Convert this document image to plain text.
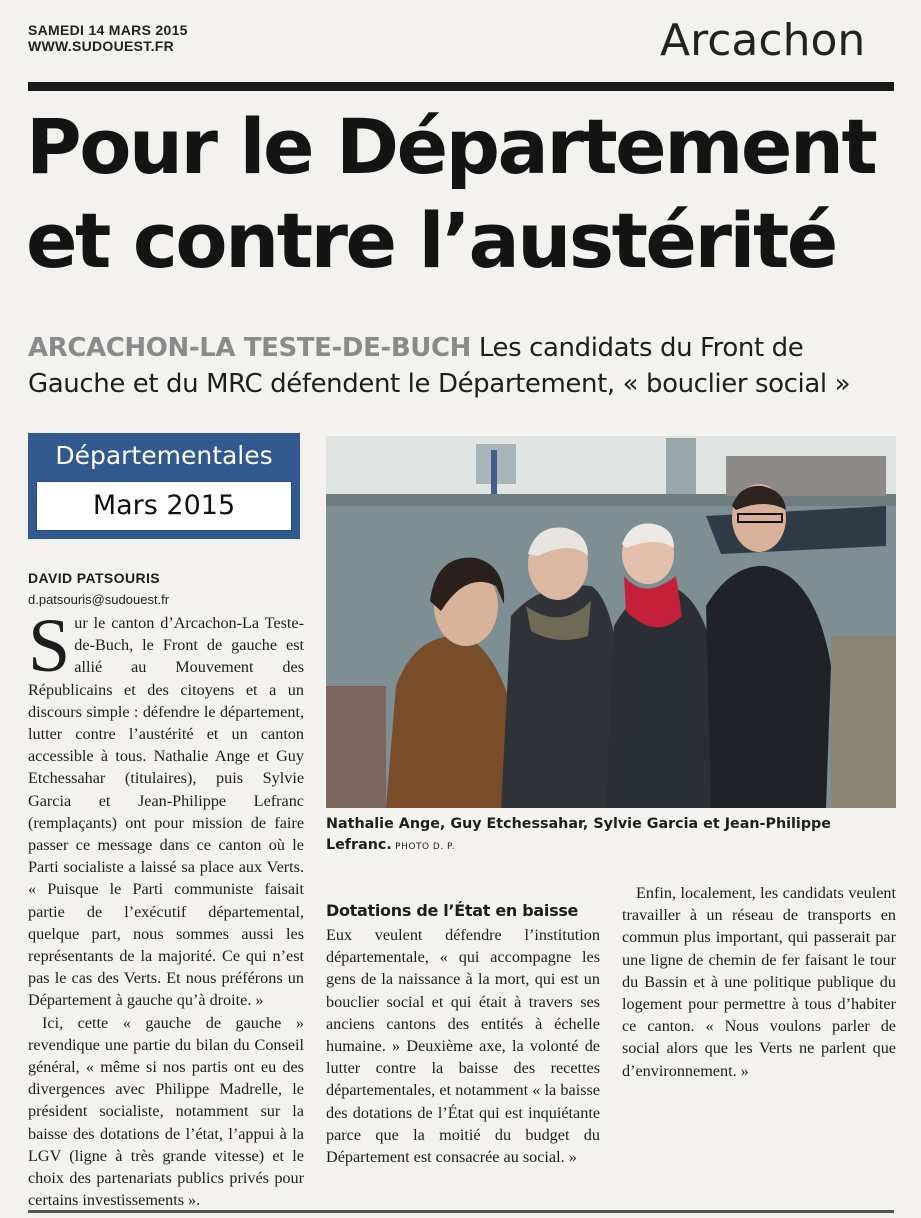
SAMEDI 14 MARS 2015
WWW.SUDOUEST.FR	Arcachon
Pour le Département et contre l’austérité
ARCACHON-LA TESTE-DE-BUCH Les candidats du Front de Gauche et du MRC défendent le Département, « bouclier social »
Départementales
Mars 2015
DAVID PATSOURIS
d.patsouris@sudouest.fr

Sur le canton d’Arcachon-La Teste-de-Buch, le Front de gauche est allié au Mouvement des Républicains et des citoyens et a un discours simple : défendre le département, lutter contre l’austérité et un canton accessible à tous. Nathalie Ange et Guy Etchessahar (titulaires), puis Sylvie Garcia et Jean-Philippe Lefranc (remplaçants) ont pour mission de faire passer ce message dans ce canton où le Parti socialiste a laissé sa place aux Verts. « Puisque le Parti communiste faisait partie de l’exécutif départemental, quelque part, nous sommes aussi les représentants de la majorité. Ce qui n’est pas le cas des Verts. Et nous préférons un Département à gauche qu’à droite. »

Ici, cette « gauche de gauche » revendique une partie du bilan du Conseil général, « même si nos partis ont eu des divergences avec Philippe Madrelle, le président socialiste, notamment sur la baisse des dotations de l’état, l’appui à la LGV (ligne à très grande vitesse) et le choix des partenariats publics privés pour certains investissements ».

Dotations de l’État en baisse

Eux veulent défendre l’institution départementale, « qui accompagne les gens de la naissance à la mort, qui est un bouclier social et qui était à travers ses anciens cantons des entités à échelle humaine. » Deuxième axe, la volonté de lutter contre la baisse des recettes départementales, et notamment « la baisse des dotations de l’État qui est inquiétante parce que la moitié du budget du Département est consacrée au social. »

Enfin, localement, les candidats veulent travailler à un réseau de transports en commun plus important, qui passerait par une ligne de chemin de fer faisant le tour du Bassin et à une politique publique du logement pour permettre à tous d’habiter ce canton. « Nous voulons parler de social alors que les Verts ne parlent que d’environnement. »

Nathalie Ange, Guy Etchessahar, Sylvie Garcia et Jean-Philippe Lefranc. PHOTO D. P.
